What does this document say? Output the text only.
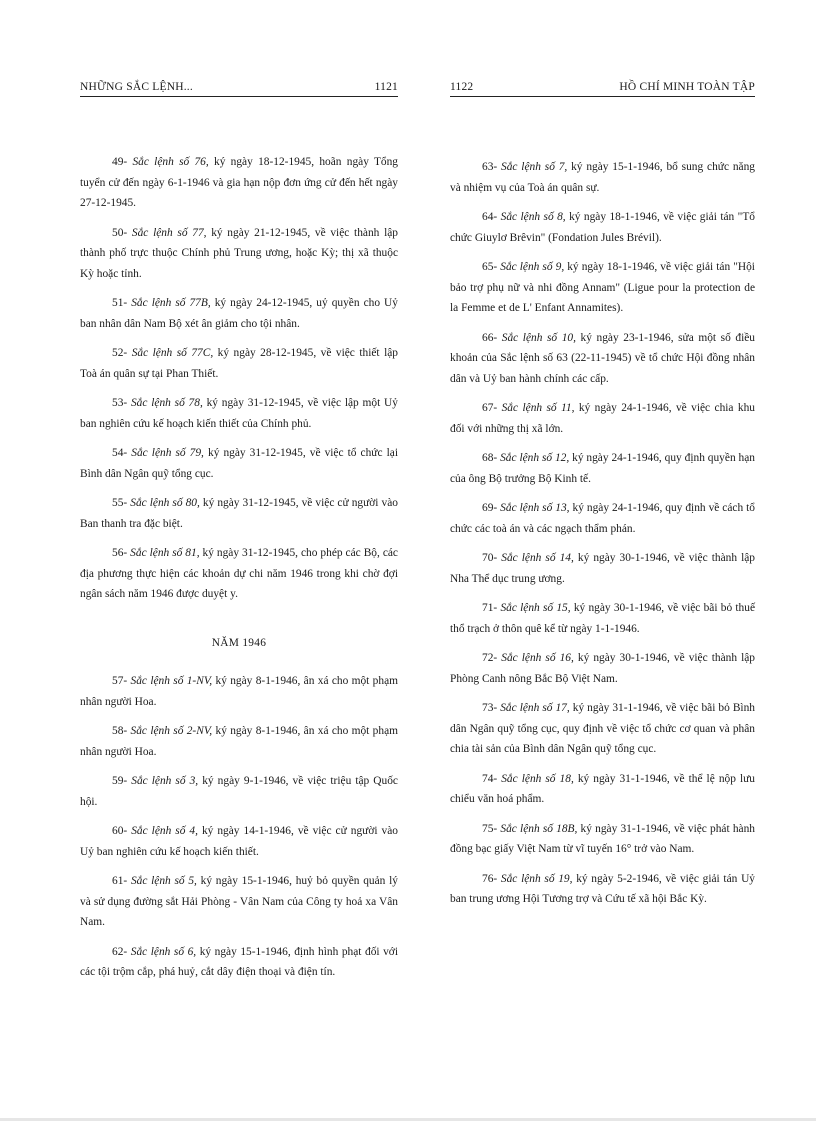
NHỮNG SẮC LỆNH...	1121

49- Sắc lệnh số 76, ký ngày 18-12-1945, hoãn ngày Tổng tuyển cử đến ngày 6-1-1946 và gia hạn nộp đơn ứng cử đến hết ngày 27-12-1945.

50- Sắc lệnh số 77, ký ngày 21-12-1945, về việc thành lập thành phố trực thuộc Chính phủ Trung ương, hoặc Kỳ; thị xã thuộc Kỳ hoặc tỉnh.

51- Sắc lệnh số 77B, ký ngày 24-12-1945, uỷ quyền cho Uỷ ban nhân dân Nam Bộ xét ân giảm cho tội nhân.

52- Sắc lệnh số 77C, ký ngày 28-12-1945, về việc thiết lập Toà án quân sự tại Phan Thiết.

53- Sắc lệnh số 78, ký ngày 31-12-1945, về việc lập một Uỷ ban nghiên cứu kế hoạch kiến thiết của Chính phủ.

54- Sắc lệnh số 79, ký ngày 31-12-1945, về việc tổ chức lại Bình dân Ngân quỹ tổng cục.

55- Sắc lệnh số 80, ký ngày 31-12-1945, về việc cử người vào Ban thanh tra đặc biệt.

56- Sắc lệnh số 81, ký ngày 31-12-1945, cho phép các Bộ, các địa phương thực hiện các khoản dự chi năm 1946 trong khi chờ đợi ngân sách năm 1946 được duyệt y.

NĂM 1946

57- Sắc lệnh số 1-NV, ký ngày 8-1-1946, ân xá cho một phạm nhân người Hoa.

58- Sắc lệnh số 2-NV, ký ngày 8-1-1946, ân xá cho một phạm nhân người Hoa.

59- Sắc lệnh số 3, ký ngày 9-1-1946, về việc triệu tập Quốc hội.

60- Sắc lệnh số 4, ký ngày 14-1-1946, về việc cử người vào Uỷ ban nghiên cứu kế hoạch kiến thiết.

61- Sắc lệnh số 5, ký ngày 15-1-1946, huỷ bỏ quyền quản lý và sử dụng đường sắt Hải Phòng - Vân Nam của Công ty hoả xa Vân Nam.

62- Sắc lệnh số 6, ký ngày 15-1-1946, định hình phạt đối với các tội trộm cắp, phá huỷ, cắt dây điện thoại và điện tín.

1122	HỒ CHÍ MINH TOÀN TẬP

63- Sắc lệnh số 7, ký ngày 15-1-1946, bổ sung chức năng và nhiệm vụ của Toà án quân sự.

64- Sắc lệnh số 8, ký ngày 18-1-1946, về việc giải tán "Tổ chức Giuylơ Brêvin" (Fondation Jules Brévil).

65- Sắc lệnh số 9, ký ngày 18-1-1946, về việc giải tán "Hội bảo trợ phụ nữ và nhi đồng Annam" (Ligue pour la protection de la Femme et de L' Enfant Annamites).

66- Sắc lệnh số 10, ký ngày 23-1-1946, sửa một số điều khoản của Sắc lệnh số 63 (22-11-1945) về tổ chức Hội đồng nhân dân và Uỷ ban hành chính các cấp.

67- Sắc lệnh số 11, ký ngày 24-1-1946, về việc chia khu đối với những thị xã lớn.

68- Sắc lệnh số 12, ký ngày 24-1-1946, quy định quyền hạn của ông Bộ trưởng Bộ Kinh tế.

69- Sắc lệnh số 13, ký ngày 24-1-1946, quy định về cách tổ chức các toà án và các ngạch thẩm phán.

70- Sắc lệnh số 14, ký ngày 30-1-1946, về việc thành lập Nha Thể dục trung ương.

71- Sắc lệnh số 15, ký ngày 30-1-1946, về việc bãi bỏ thuế thổ trạch ở thôn quê kể từ ngày 1-1-1946.

72- Sắc lệnh số 16, ký ngày 30-1-1946, về việc thành lập Phòng Canh nông Bắc Bộ Việt Nam.

73- Sắc lệnh số 17, ký ngày 31-1-1946, về việc bãi bỏ Bình dân Ngân quỹ tổng cục, quy định về việc tổ chức cơ quan và phân chia tài sản của Bình dân Ngân quỹ tổng cục.

74- Sắc lệnh số 18, ký ngày 31-1-1946, về thể lệ nộp lưu chiểu văn hoá phẩm.

75- Sắc lệnh số 18B, ký ngày 31-1-1946, về việc phát hành đồng bạc giấy Việt Nam từ vĩ tuyến 16° trở vào Nam.

76- Sắc lệnh số 19, ký ngày 5-2-1946, về việc giải tán Uỷ ban trung ương Hội Tương trợ và Cứu tế xã hội Bắc Kỳ.
